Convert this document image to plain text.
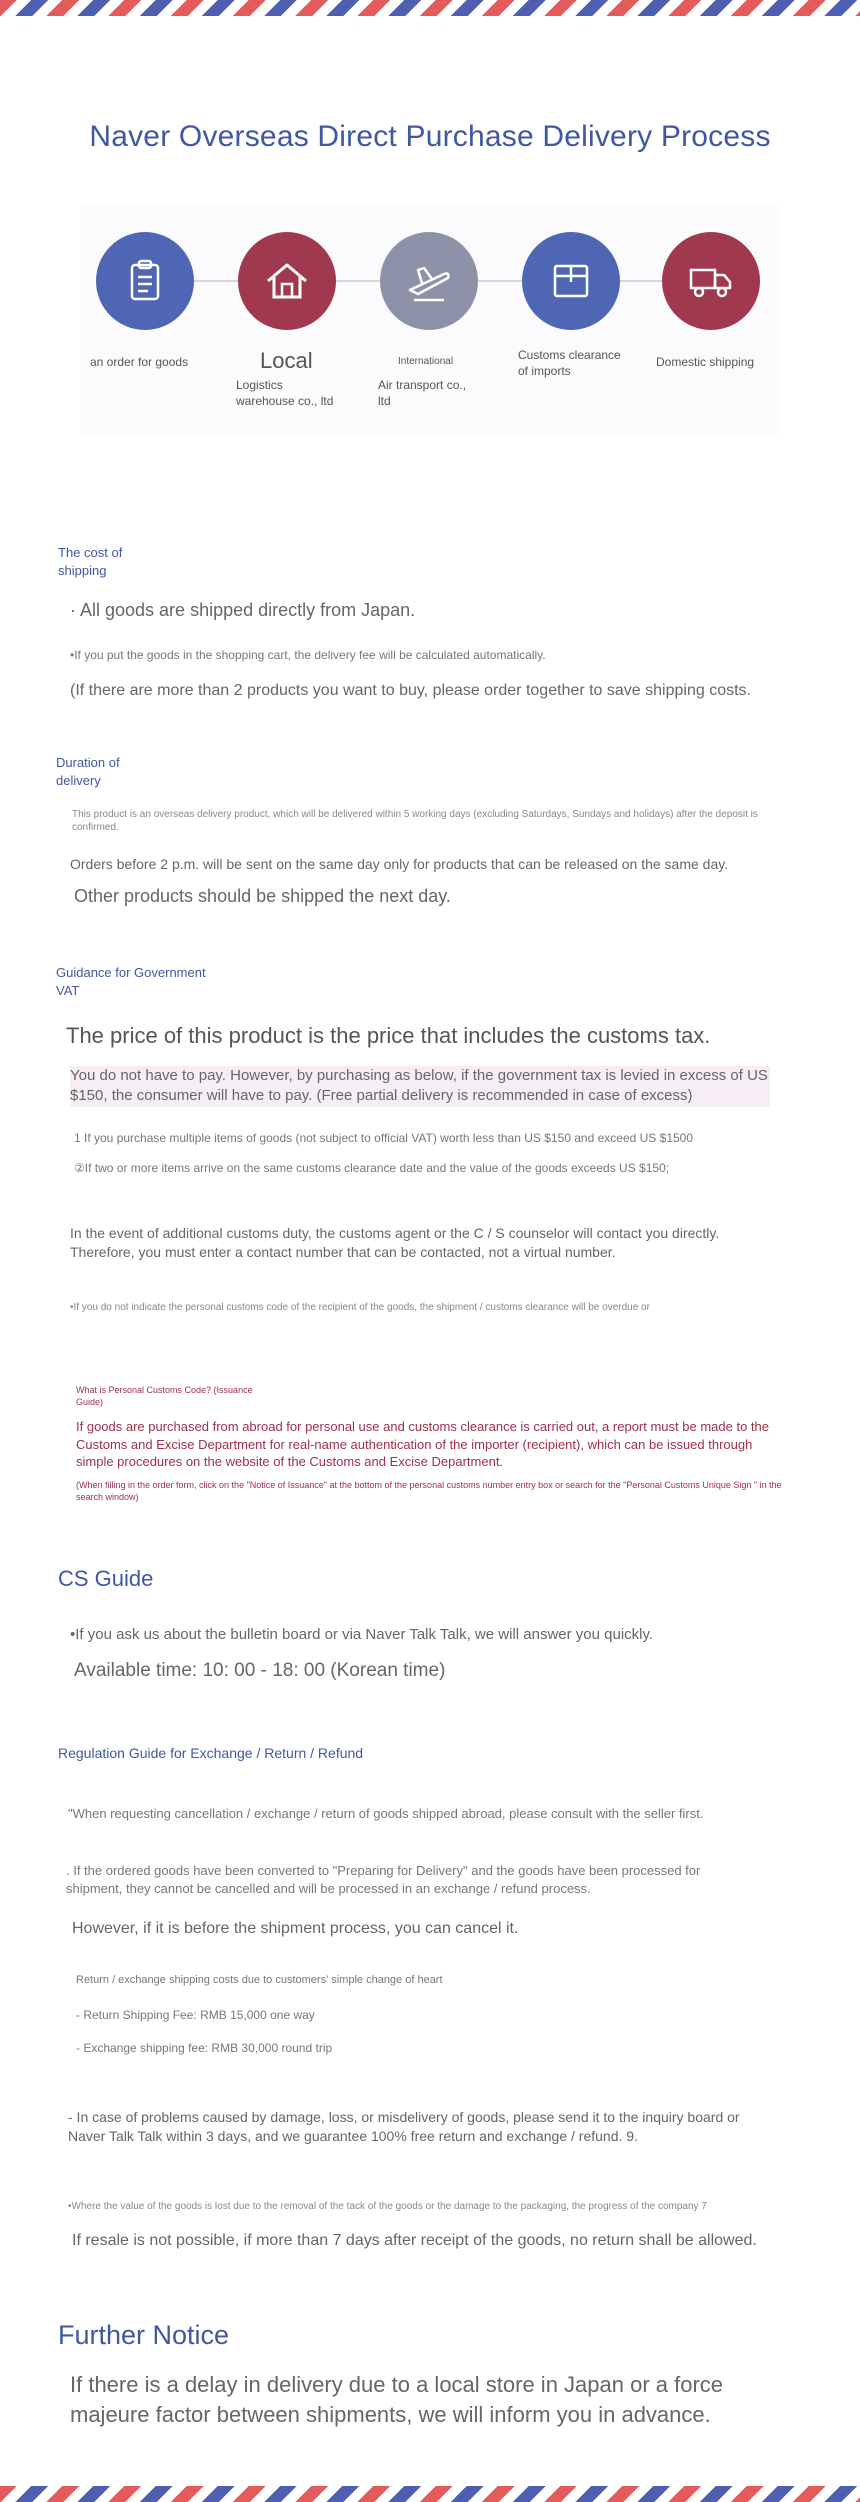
Naver Overseas Direct Purchase Delivery Process
an order for goods	Local
Logistics
warehouse co., ltd
International
Air transport co.,
ltd
Customs clearance
of imports
Domestic shipping
The cost of
shipping
· All goods are shipped directly from Japan.
•If you put the goods in the shopping cart, the delivery fee will be calculated automatically.
(If there are more than 2 products you want to buy, please order together to save shipping costs.
Duration of
delivery
This product is an overseas delivery product, which will be delivered within 5 working days (excluding Saturdays, Sundays and holidays) after the deposit is confirmed.
Orders before 2 p.m. will be sent on the same day only for products that can be released on the same day.
Other products should be shipped the next day.
Guidance for Government
VAT
The price of this product is the price that includes the customs tax.
You do not have to pay. However, by purchasing as below, if the government tax is levied in excess of US $150, the consumer will have to pay. (Free partial delivery is recommended in case of excess)
1 If you purchase multiple items of goods (not subject to official VAT) worth less than US $150 and exceed US $1500
②If two or more items arrive on the same customs clearance date and the value of the goods exceeds US $150;
In the event of additional customs duty, the customs agent or the C / S counselor will contact you directly. Therefore, you must enter a contact number that can be contacted, not a virtual number.
•If you do not indicate the personal customs code of the recipient of the goods, the shipment / customs clearance will be overdue or
What is Personal Customs Code? (Issuance
Guide)
If goods are purchased from abroad for personal use and customs clearance is carried out, a report must be made to the Customs and Excise Department for real-name authentication of the importer (recipient), which can be issued through simple procedures on the website of the Customs and Excise Department.
(When filling in the order form, click on the "Notice of Issuance" at the bottom of the personal customs number entry box or search for the "Personal Customs Unique Sign " in the search window)
CS Guide
•If you ask us about the bulletin board or via Naver Talk Talk, we will answer you quickly.
Available time: 10: 00 - 18: 00 (Korean time)
Regulation Guide for Exchange / Return / Refund
"When requesting cancellation / exchange / return of goods shipped abroad, please consult with the seller first.
. If the ordered goods have been converted to "Preparing for Delivery" and the goods have been processed for shipment, they cannot be cancelled and will be processed in an exchange / refund process.
However, if it is before the shipment process, you can cancel it.
Return / exchange shipping costs due to customers' simple change of heart
- Return Shipping Fee: RMB 15,000 one way
- Exchange shipping fee: RMB 30,000 round trip
- In case of problems caused by damage, loss, or misdelivery of goods, please send it to the inquiry board or Naver Talk Talk within 3 days, and we guarantee 100% free return and exchange / refund. 9.
•Where the value of the goods is lost due to the removal of the tack of the goods or the damage to the packaging, the progress of the company 7
If resale is not possible, if more than 7 days after receipt of the goods, no return shall be allowed.
Further Notice
If there is a delay in delivery due to a local store in Japan or a force majeure factor between shipments, we will inform you in advance.
